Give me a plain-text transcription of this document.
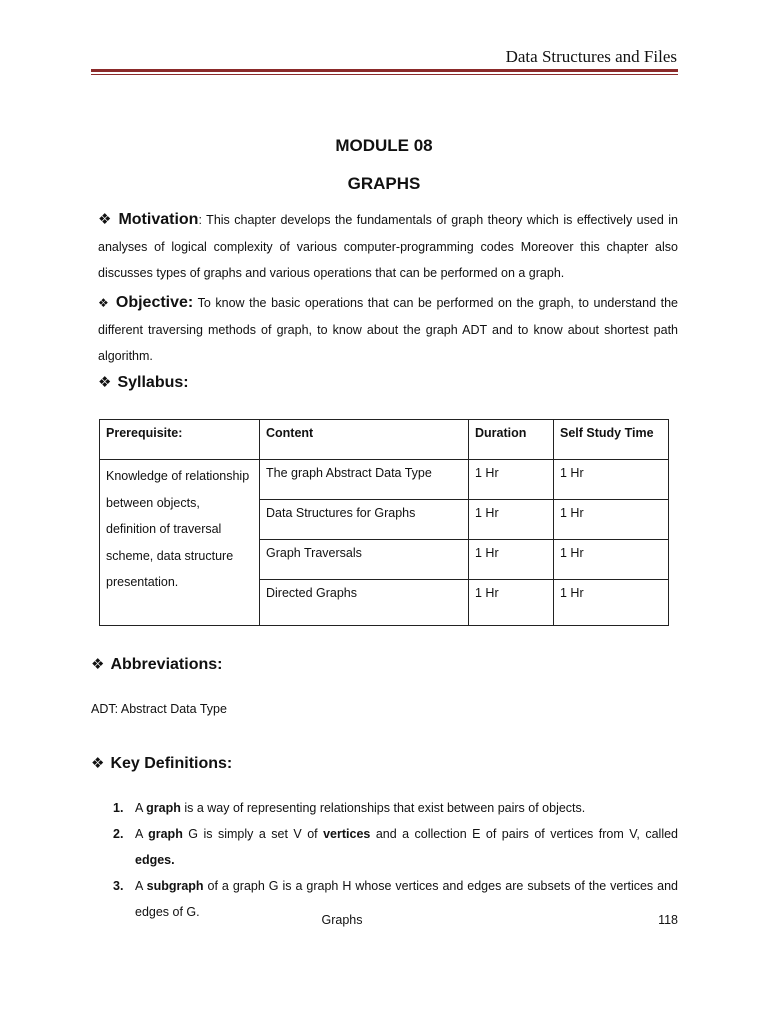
Data Structures and Files
MODULE 08
GRAPHS

❖ Motivation: This chapter develops the fundamentals of graph theory which is effectively used in analyses of logical complexity of various computer-programming codes Moreover this chapter also discusses types of graphs and various operations that can be performed on a graph.

❖ Objective: To know the basic operations that can be performed on the graph, to understand the different traversing methods of graph, to know about the graph ADT and to know about shortest path algorithm.

❖ Syllabus:
Prerequisite:	Content	Duration	Self Study Time
Knowledge of relationship between objects, definition of traversal scheme, data structure presentation.	The graph Abstract Data Type	1 Hr	1 Hr
	Data Structures for Graphs	1 Hr	1 Hr
	Graph Traversals	1 Hr	1 Hr
	Directed Graphs	1 Hr	1 Hr
❖ Abbreviations:
ADT: Abstract Data Type
❖ Key Definitions:
1. A graph is a way of representing relationships that exist between pairs of objects.
2. A graph G is simply a set V of vertices and a collection E of pairs of vertices from V, called edges.
3. A subgraph of a graph G is a graph H whose vertices and edges are subsets of the vertices and edges of G.
Graphs	118
